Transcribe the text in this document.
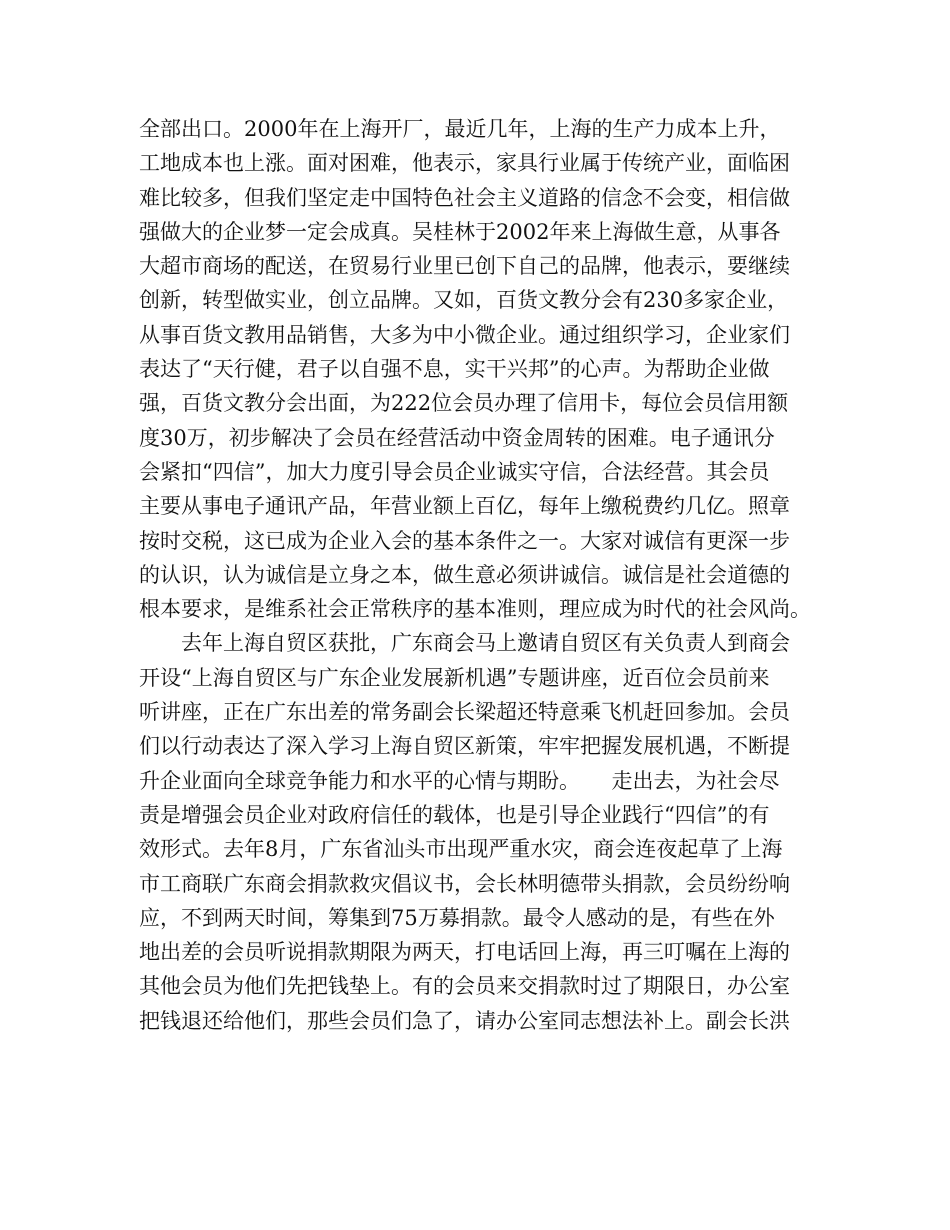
全部出口。2000年在上海开厂，最近几年，上海的生产力成本上升，
工地成本也上涨。面对困难，他表示，家具行业属于传统产业，面临困
难比较多，但我们坚定走中国特色社会主义道路的信念不会变，相信做
强做大的企业梦一定会成真。吴桂林于2002年来上海做生意，从事各
大超市商场的配送，在贸易行业里已创下自己的品牌，他表示，要继续
创新，转型做实业，创立品牌。又如，百货文教分会有230多家企业，
从事百货文教用品销售，大多为中小微企业。通过组织学习，企业家们
表达了“天行健，君子以自强不息，实干兴邦”的心声。为帮助企业做
强，百货文教分会出面，为222位会员办理了信用卡，每位会员信用额
度30万，初步解决了会员在经营活动中资金周转的困难。电子通讯分
会紧扣“四信”，加大力度引导会员企业诚实守信，合法经营。其会员
主要从事电子通讯产品，年营业额上百亿，每年上缴税费约几亿。照章
按时交税，这已成为企业入会的基本条件之一。大家对诚信有更深一步
的认识，认为诚信是立身之本，做生意必须讲诚信。诚信是社会道德的
根本要求，是维系社会正常秩序的基本准则，理应成为时代的社会风尚。
去年上海自贸区获批，广东商会马上邀请自贸区有关负责人到商会
开设“上海自贸区与广东企业发展新机遇”专题讲座，近百位会员前来
听讲座，正在广东出差的常务副会长梁超还特意乘飞机赶回参加。会员
们以行动表达了深入学习上海自贸区新策，牢牢把握发展机遇，不断提
升企业面向全球竞争能力和水平的心情与期盼。　　走出去，为社会尽
责是增强会员企业对政府信任的载体，也是引导企业践行“四信”的有
效形式。去年8月，广东省汕头市出现严重水灾，商会连夜起草了上海
市工商联广东商会捐款救灾倡议书，会长林明德带头捐款，会员纷纷响
应，不到两天时间，筹集到75万募捐款。最令人感动的是，有些在外
地出差的会员听说捐款期限为两天，打电话回上海，再三叮嘱在上海的
其他会员为他们先把钱垫上。有的会员来交捐款时过了期限日，办公室
把钱退还给他们，那些会员们急了，请办公室同志想法补上。副会长洪
